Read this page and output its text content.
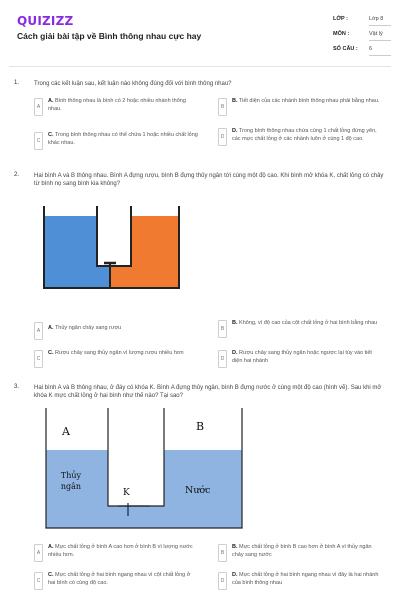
QUIZIZZ
Cách giải bài tập về Bình thông nhau cực hay
LỚP :	Lớp 8
MÔN :	Vật lý
SỐ CÂU : 6
1. Trong các kết luận sau, kết luận nào không đúng đối với bình thông nhau?
A
A. Bình thông nhau là bình có 2 hoặc nhiều nhánh thông nhau.	B
B. Tiết diện của các nhánh bình thông nhau phải bằng nhau.
C
C. Trong bình thông nhau có thể chứa 1 hoặc nhiều chất lỏng khác nhau.
D
D. Trong bình thông nhau chứa cùng 1 chất lỏng đứng yên, các mực chất lỏng ở các nhánh luôn ở cùng 1 độ cao.
2. Hai bình A và B thông nhau. Bình A đựng rượu, bình B đựng thủy ngân tới cùng một độ cao. Khi bình mở khóa K, chất lỏng có chảy từ bình nọ sang bình kia không?
A	A. Thủy ngân chảy sang rượu	B
B. Không, vì độ cao của cột chất lỏng ở hai bình bằng nhau
C
C. Rượu chảy sang thủy ngân vì lượng rượu nhiều hơn
D
D. Rượu chảy sang thủy ngân hoặc ngược lại tùy vào tiết diện hai nhánh
3. Hai bình A và B thông nhau, ở đáy có khóa K. Bình A đựng thủy ngân, bình B đựng nước ở cùng một độ cao (hình vẽ). Sau khi mở khóa K mực chất lỏng ở hai bình như thế nào? Tại sao?
A	B
Thủy ngân
K	Nước
A
A. Mực chất lỏng ở bình A cao hơn ở bình B vì lượng nước nhiều hơn.	B
B. Mực chất lỏng ở bình B cao hơn ở bình A vì thủy ngân chảy sang nước
C
C. Mực chất lỏng ở hai bình ngang nhau vì cột chất lỏng ở hai bình có cùng độ cao.	D
D. Mực chất lỏng ở hai bình ngang nhau vì đây là hai nhánh của bình thông nhau
